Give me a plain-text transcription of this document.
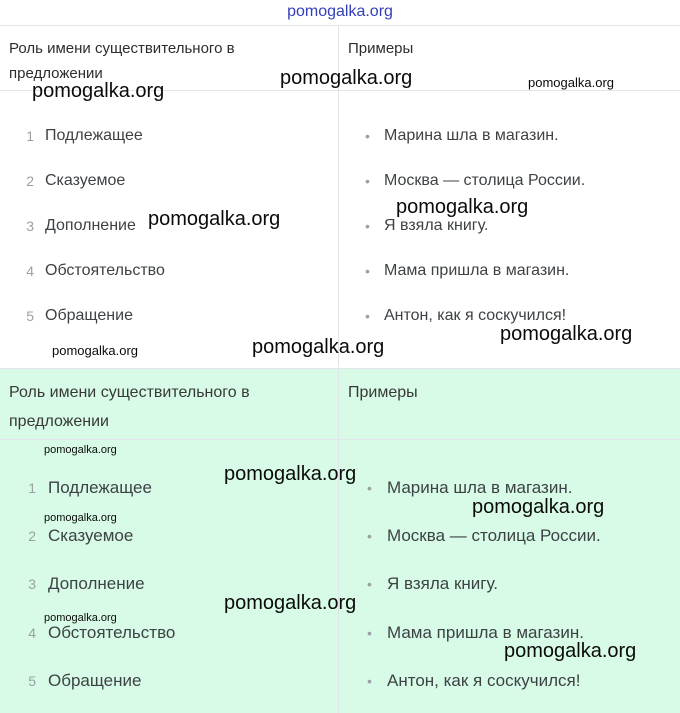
pomogalka.org
Роль имени существительного в предложении
1 Подлежащее
2 Сказуемое
3 Дополнение
4 Обстоятельство
5 Обращение
Примеры
• Марина шла в магазин.
• Москва — столица России.
• Я взяла книгу.
• Мама пришла в магазин.
• Антон, как я соскучился!
Роль имени существительного в предложении
1 Подлежащее
2 Сказуемое
3 Дополнение
4 Обстоятельство
5 Обращение
Примеры
• Марина шла в магазин.
• Москва — столица России.
• Я взяла книгу.
• Мама пришла в магазин.
• Антон, как я соскучился!
pomogalka.org
pomogalka.org	pomogalka.org
pomogalka.org
pomogalka.org
pomogalka.org
pomogalka.org	pomogalka.org
pomogalka.org
pomogalka.org
pomogalka.org
pomogalka.org
pomogalka.org
pomogalka.org
pomogalka.org
